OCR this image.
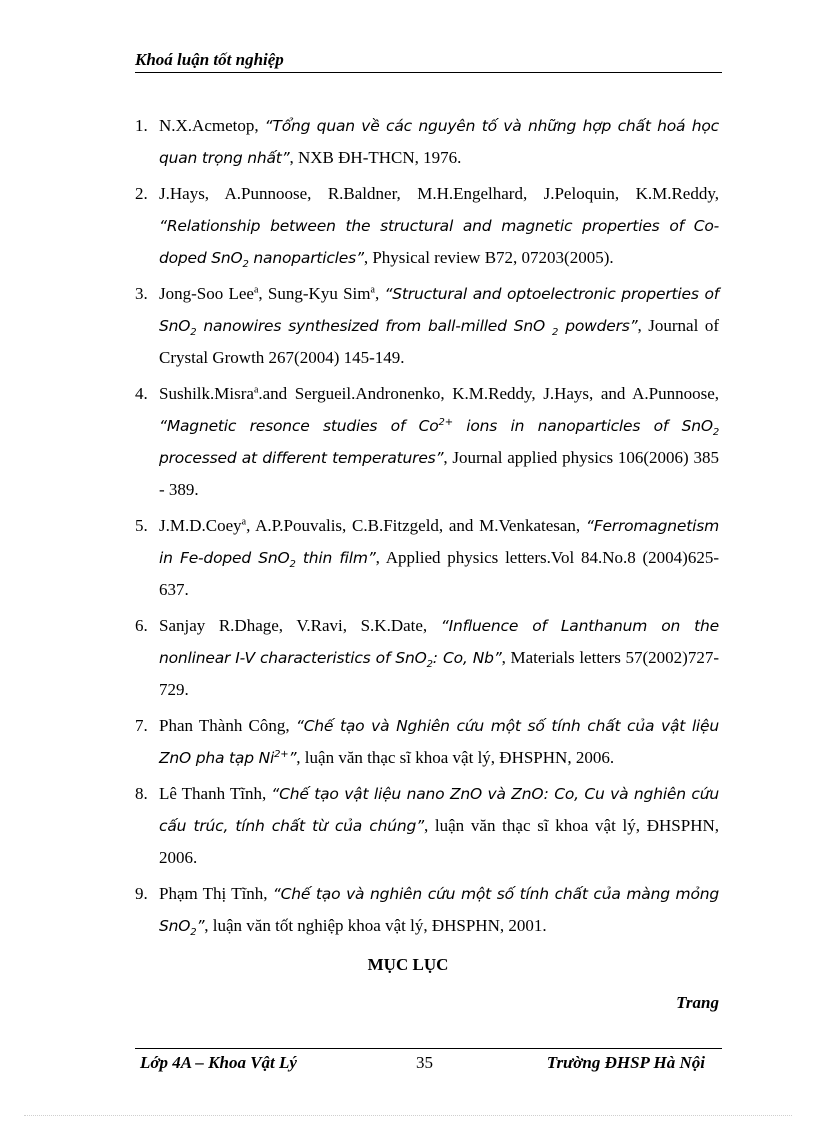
Khoá luận tốt nghiệp
1. N.X.Acmetop, “Tổng quan về các nguyên tố và những hợp chất hoá học quan trọng nhất”, NXB ĐH-THCN, 1976.
2. J.Hays, A.Punnoose, R.Baldner, M.H.Engelhard, J.Peloquin, K.M.Reddy, “Relationship between the structural and magnetic properties of Co-doped SnO$_2$ nanoparticles”, Physical review B72, 07203(2005).
3. Jong-Soo Lee$^a$, Sung-Kyu Sim$^a$, “Structural and optoelectronic properties of SnO$_2$ nanowires synthesized from ball-milled SnO $_2$ powders”, Journal of Crystal Growth 267(2004) 145-149.
4. Sushilk.Misra$^a$.and Sergueil.Andronenko, K.M.Reddy, J.Hays, and A.Punnoose, “Magnetic resonce studies of $Co^{2+}$ ions in nanoparticles of SnO$_2$ processed at different temperatures”, Journal applied physics 106(2006) 385 - 389.
5. J.M.D.Coey$^a$, A.P.Pouvalis, C.B.Fitzgeld, and M.Venkatesan, “Ferromagnetism in Fe-doped SnO$_2$ thin film”, Applied physics letters.Vol 84.No.8 (2004)625-637.
6. Sanjay R.Dhage, V.Ravi, S.K.Date, “Influence of Lanthanum on the nonlinear I-V characteristics of SnO$_2$: Co, Nb”, Materials letters 57(2002)727-729.
7. Phan Thành Công, “Chế tạo và Nghiên cứu một số tính chất của vật liệu ZnO pha tạp $Ni^{2+}$”, luận văn thạc sĩ khoa vật lý, ĐHSPHN, 2006.
8. Lê Thanh Tĩnh, “Chế tạo vật liệu nano ZnO và ZnO: Co, Cu và nghiên cứu cấu trúc, tính chất từ của chúng”, luận văn thạc sĩ khoa vật lý, ĐHSPHN, 2006.
9. Phạm Thị Tĩnh, “Chế tạo và nghiên cứu một số tính chất của màng mỏng SnO$_2$”, luận văn tốt nghiệp khoa vật lý, ĐHSPHN, 2001.
MỤC LỤC
Trang
Lớp 4A – Khoa Vật Lý	35	Trường ĐHSP Hà Nội
